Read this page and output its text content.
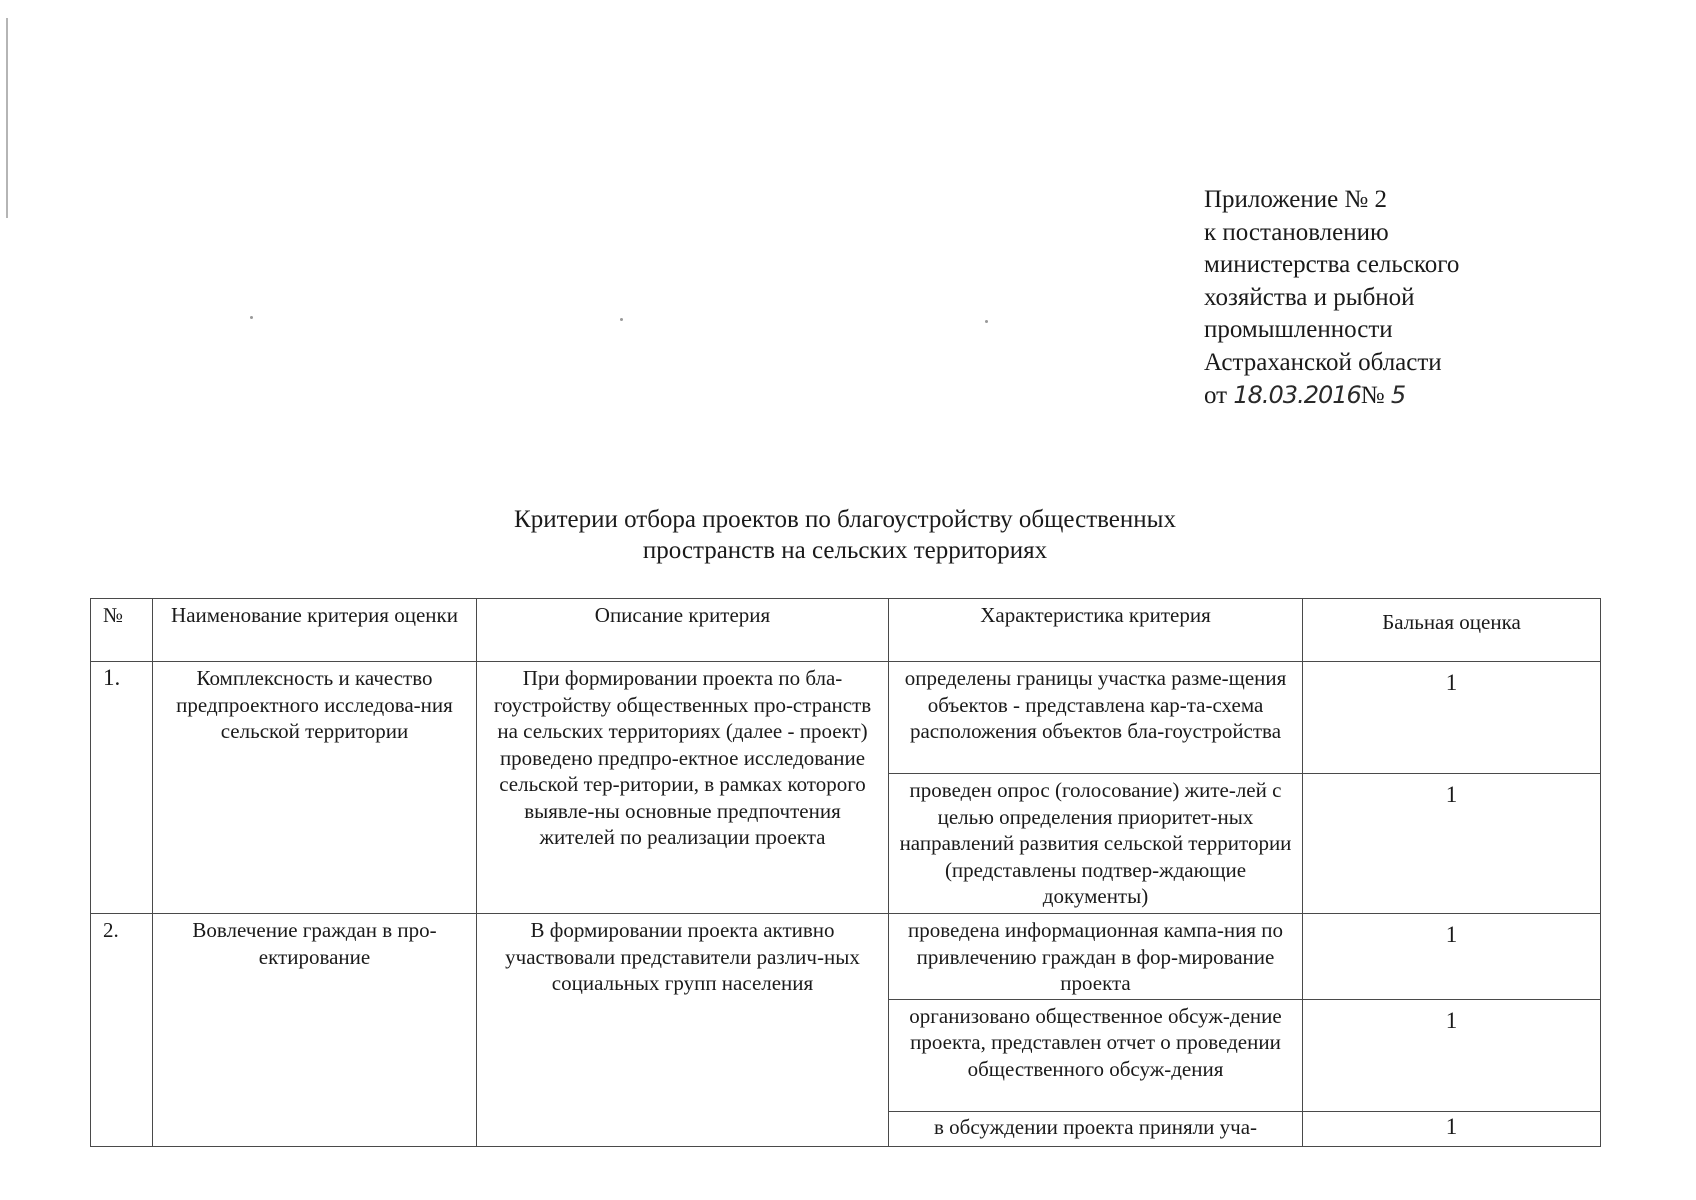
Приложение № 2
к постановлению
министерства сельского
хозяйства и рыбной
промышленности
Астраханской области
от 18.03.2016№ 5
Критерии отбора проектов по благоустройству общественных
пространств на сельских территориях
№	Наименование критерия оценки	Описание критерия	Характеристика критерия	Бальная оценка
1.	Комплексность и качество предпроектного исследова-ния сельской территории	При формировании проекта по бла-гоустройству общественных про-странств на сельских территориях (далее - проект) проведено предпро-ектное исследование сельской тер-ритории, в рамках которого выявле-ны основные предпочтения жителей по реализации проекта	определены границы участка разме-щения объектов - представлена кар-та-схема расположения объектов бла-гоустройства	1
			проведен опрос (голосование) жите-лей с целью определения приоритет-ных направлений развития сельской территории (представлены подтвер-ждающие документы)	1
2.	Вовлечение граждан в про-ектирование	В формировании проекта активно участвовали представители различ-ных социальных групп населения	проведена информационная кампа-ния по привлечению граждан в фор-мирование проекта	1
			организовано общественное обсуж-дение проекта, представлен отчет о проведении общественного обсуж-дения	1
			в обсуждении проекта приняли уча-	1
